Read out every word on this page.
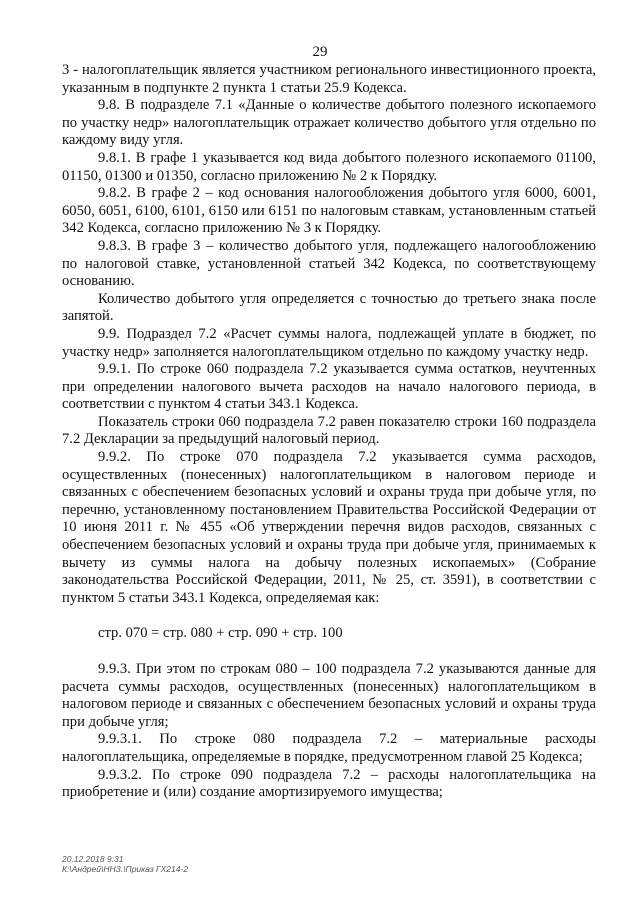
29

3 - налогоплательщик является участником регионального инвестиционного проекта, указанным в подпункте 2 пункта 1 статьи 25.9 Кодекса.

9.8. В подразделе 7.1 «Данные о количестве добытого полезного ископаемого по участку недр» налогоплательщик отражает количество добытого угля отдельно по каждому виду угля.

9.8.1. В графе 1 указывается код вида добытого полезного ископаемого 01100, 01150, 01300 и 01350, согласно приложению № 2 к Порядку.

9.8.2. В графе 2 – код основания налогообложения добытого угля 6000, 6001, 6050, 6051, 6100, 6101, 6150 или 6151 по налоговым ставкам, установленным статьей 342 Кодекса, согласно приложению № 3 к Порядку.

9.8.3. В графе 3 – количество добытого угля, подлежащего налогообложению по налоговой ставке, установленной статьей 342 Кодекса, по соответствующему основанию.

Количество добытого угля определяется с точностью до третьего знака после запятой.

9.9. Подраздел 7.2 «Расчет суммы налога, подлежащей уплате в бюджет, по участку недр» заполняется налогоплательщиком отдельно по каждому участку недр.

9.9.1. По строке 060 подраздела 7.2 указывается сумма остатков, неучтенных при определении налогового вычета расходов на начало налогового периода, в соответствии с пунктом 4 статьи 343.1 Кодекса.

Показатель строки 060 подраздела 7.2 равен показателю строки 160 подраздела 7.2 Декларации за предыдущий налоговый период.

9.9.2. По строке 070 подраздела 7.2 указывается сумма расходов, осуществленных (понесенных) налогоплательщиком в налоговом периоде и связанных с обеспечением безопасных условий и охраны труда при добыче угля, по перечню, установленному постановлением Правительства Российской Федерации от 10 июня 2011 г. № 455 «Об утверждении перечня видов расходов, связанных с обеспечением безопасных условий и охраны труда при добыче угля, принимаемых к вычету из суммы налога на добычу полезных ископаемых» (Собрание законодательства Российской Федерации, 2011, № 25, ст. 3591), в соответствии с пунктом 5 статьи 343.1 Кодекса, определяемая как:

стр. 070 = стр. 080 + стр. 090 + стр. 100

9.9.3. При этом по строкам 080 – 100 подраздела 7.2 указываются данные для расчета суммы расходов, осуществленных (понесенных) налогоплательщиком в налоговом периоде и связанных с обеспечением безопасных условий и охраны труда при добыче угля;

9.9.3.1. По строке 080 подраздела 7.2 – материальные расходы налогоплательщика, определяемые в порядке, предусмотренном главой 25 Кодекса;

9.9.3.2. По строке 090 подраздела 7.2 – расходы налогоплательщика на приобретение и (или) создание амортизируемого имущества;

20.12.2018 9:31
К:\Андрей\ННЗ.\Приказ ГХ214-2
